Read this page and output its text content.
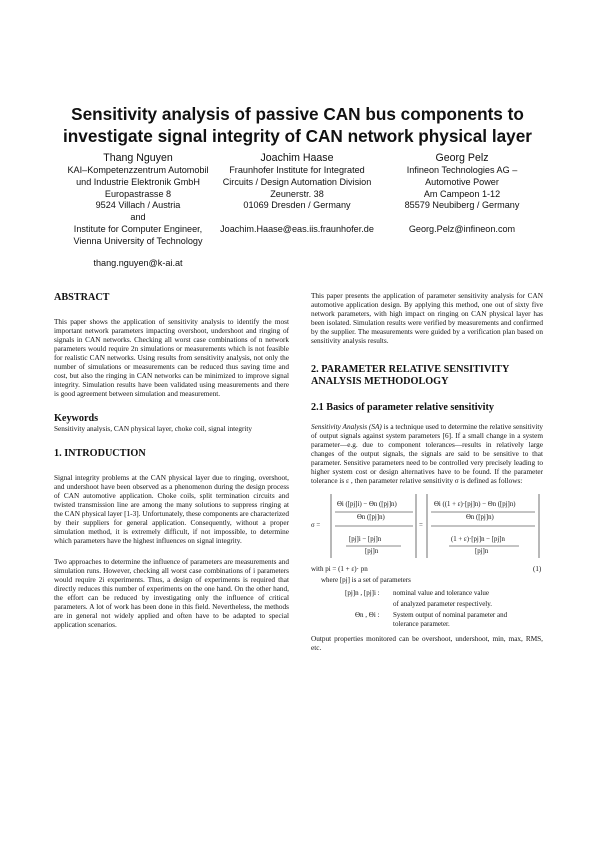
Sensitivity analysis of passive CAN bus components to investigate signal integrity of CAN network physical layer
Thang Nguyen
KAI–Kompetenzzentrum Automobil
und Industrie Elektronik GmbH
Europastrasse 8
9524 Villach / Austria
and
Institute for Computer Engineer,
Vienna University of Technology
thang.nguyen@k-ai.at
Joachim Haase
Fraunhofer Institute for Integrated
Circuits / Design Automation Division
Zeunerstr. 38
01069 Dresden / Germany
Joachim.Haase@eas.iis.fraunhofer.de
Georg Pelz
Infineon Technologies AG –
Automotive Power
Am Campeon 1-12
85579 Neubiberg / Germany
Georg.Pelz@infineon.com
ABSTRACT

This paper shows the application of sensitivity analysis to identify the most important network parameters impacting overshoot, undershoot and ringing of signals in CAN networks. Checking all worst case combinations of n network parameters would require 2n simulations or measurements which is not feasible for realistic CAN networks. Using results from sensitivity analysis, not only the number of simulations or measurements can be reduced thus saving time and cost, but also the ringing in CAN networks can be minimized to improve signal integrity. Simulation results have been validated using measurements and there is good agreement between simulation and measurement.

Keywords

Sensitivity analysis, CAN physical layer, choke coil, signal integrity

1. INTRODUCTION

Signal integrity problems at the CAN physical layer due to ringing, overshoot, and undershoot have been observed as a phenomenon during the design process of CAN automotive application. Choke coils, split termination circuits and twisted transmission line are among the many solutions to suppress ringing at the CAN physical layer [1-3]. Unfortunately, these components are characterized by their suppliers for general application. Consequently, without a proper simulation method, it is extremely difficult, if not impossible, to determine which parameters have the highest influences on signal integrity.

Two approaches to determine the influence of parameters are measurements and simulation runs. However, checking all worst case combinations of i parameters would require 2i experiments. Thus, a design of experiments is required that directly reduces this number of experiments on the one hand. On the other hand, the effort can be reduced by investigating only the influence of critical parameters. A lot of work has been done in this field. Nevertheless, the methods are in general not widely applied and often have to be adapted to special application scenarios.

This paper presents the application of parameter sensitivity analysis for CAN automotive application design. By applying this method, one out of sixty five network parameters, with high impact on ringing on CAN physical layer has been isolated. Simulation results were verified by measurements and confirmed by the supplier. The measurements were guided by a verification plan based on sensitivity analysis results.

2. PARAMETER RELATIVE SENSITIVITY ANALYSIS METHODOLOGY
2.1 Basics of parameter relative sensitivity

Sensitivity Analysis (SA) is a technique used to determine the relative sensitivity of output signals against system parameters [6]. If a small change in a system parameter—e.g. due to component tolerances—results in relatively large changes of the output signals, the signals are said to be sensitive to that parameter. Sensitive parameters need to be controlled very precisely leading to higher system cost or design alternatives have to be found. If the parameter tolerance is ε , then parameter relative sensitivity σ is defined as follows:

σ =	=
Θi ([pj]i) − Θn ([pj]n)
Θn ([pj]n)
[pj]i − [pj]n
[pj]n
Θi ((1 + ε)·[pj]n) − Θn ([pj]n)
Θn ([pj]n)
(1 + ε)·[pj]n − [pj]n
[pj]n
with pi = (1 + ε)· pn	(1)
where [pj] is a set of parameters
[pj]n , [pj]i : nominal value and tolerance value
of analyzed parameter respectively.
Θn , Θi : System output of nominal parameter and
tolerance parameter.

Output properties monitored can be overshoot, undershoot, min, max, RMS, etc.
